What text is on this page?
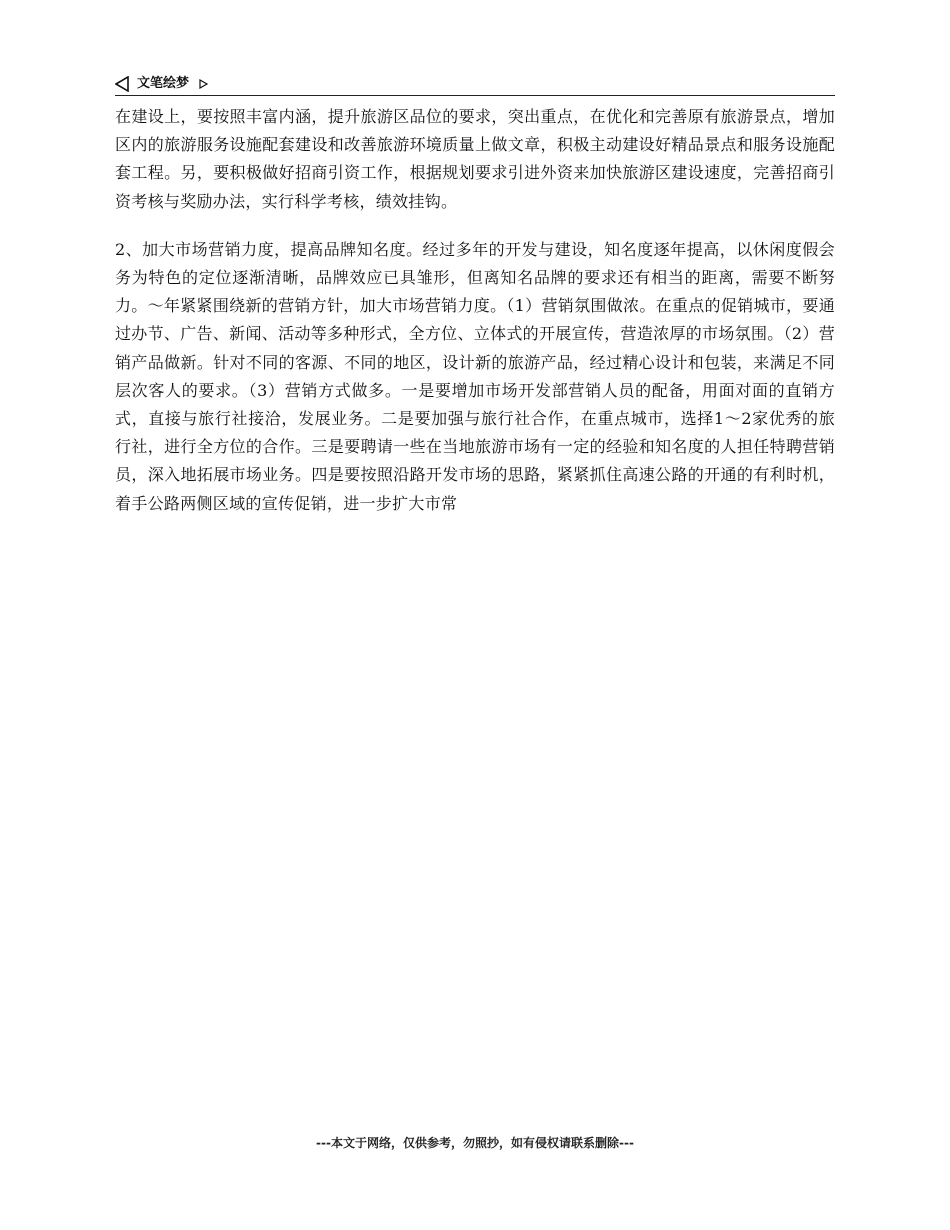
文笔绘梦

在建设上，要按照丰富内涵，提升旅游区品位的要求，突出重点，在优化和完善原有旅游景点，增加区内的旅游服务设施配套建设和改善旅游环境质量上做文章，积极主动建设好精品景点和服务设施配套工程。另，要积极做好招商引资工作，根据规划要求引进外资来加快旅游区建设速度，完善招商引资考核与奖励办法，实行科学考核，绩效挂钩。

2、加大市场营销力度，提高品牌知名度。经过多年的开发与建设，知名度逐年提高，以休闲度假会务为特色的定位逐渐清晰，品牌效应已具雏形，但离知名品牌的要求还有相当的距离，需要不断努力。～年紧紧围绕新的营销方针，加大市场营销力度。（1）营销氛围做浓。在重点的促销城市，要通过办节、广告、新闻、活动等多种形式，全方位、立体式的开展宣传，营造浓厚的市场氛围。（2）营销产品做新。针对不同的客源、不同的地区，设计新的旅游产品，经过精心设计和包装，来满足不同层次客人的要求。（3）营销方式做多。一是要增加市场开发部营销人员的配备，用面对面的直销方式，直接与旅行社接洽，发展业务。二是要加强与旅行社合作，在重点城市，选择1～2家优秀的旅行社，进行全方位的合作。三是要聘请一些在当地旅游市场有一定的经验和知名度的人担任特聘营销员，深入地拓展市场业务。四是要按照沿路开发市场的思路，紧紧抓住高速公路的开通的有利时机，着手公路两侧区域的宣传促销，进一步扩大市常

---本文于网络，仅供参考，勿照抄，如有侵权请联系删除---
